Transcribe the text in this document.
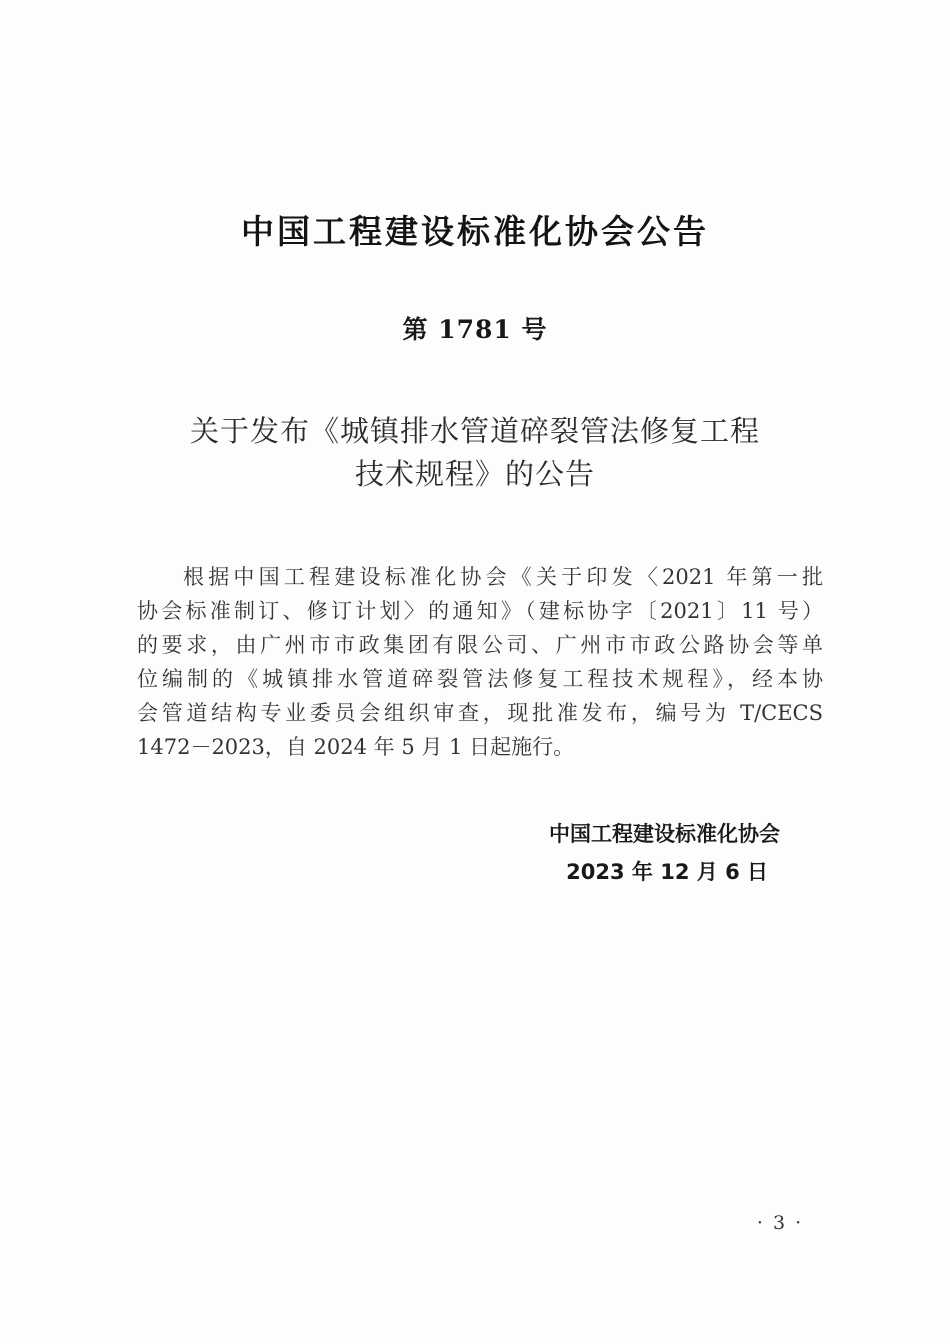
中国工程建设标准化协会公告
第 1781 号
关于发布《城镇排水管道碎裂管法修复工程
技术规程》的公告
根据中国工程建设标准化协会《关于印发〈2021 年第一批
协会标准制订、修订计划〉的通知》（建标协字〔2021〕11 号）
的要求，由广州市市政集团有限公司、广州市市政公路协会等单
位编制的《城镇排水管道碎裂管法修复工程技术规程》，经本协
会管道结构专业委员会组织审查，现批准发布，编号为 T/CECS
1472－2023，自 2024 年 5 月 1 日起施行。
中国工程建设标准化协会
2023 年 12 月 6 日
· 3 ·
